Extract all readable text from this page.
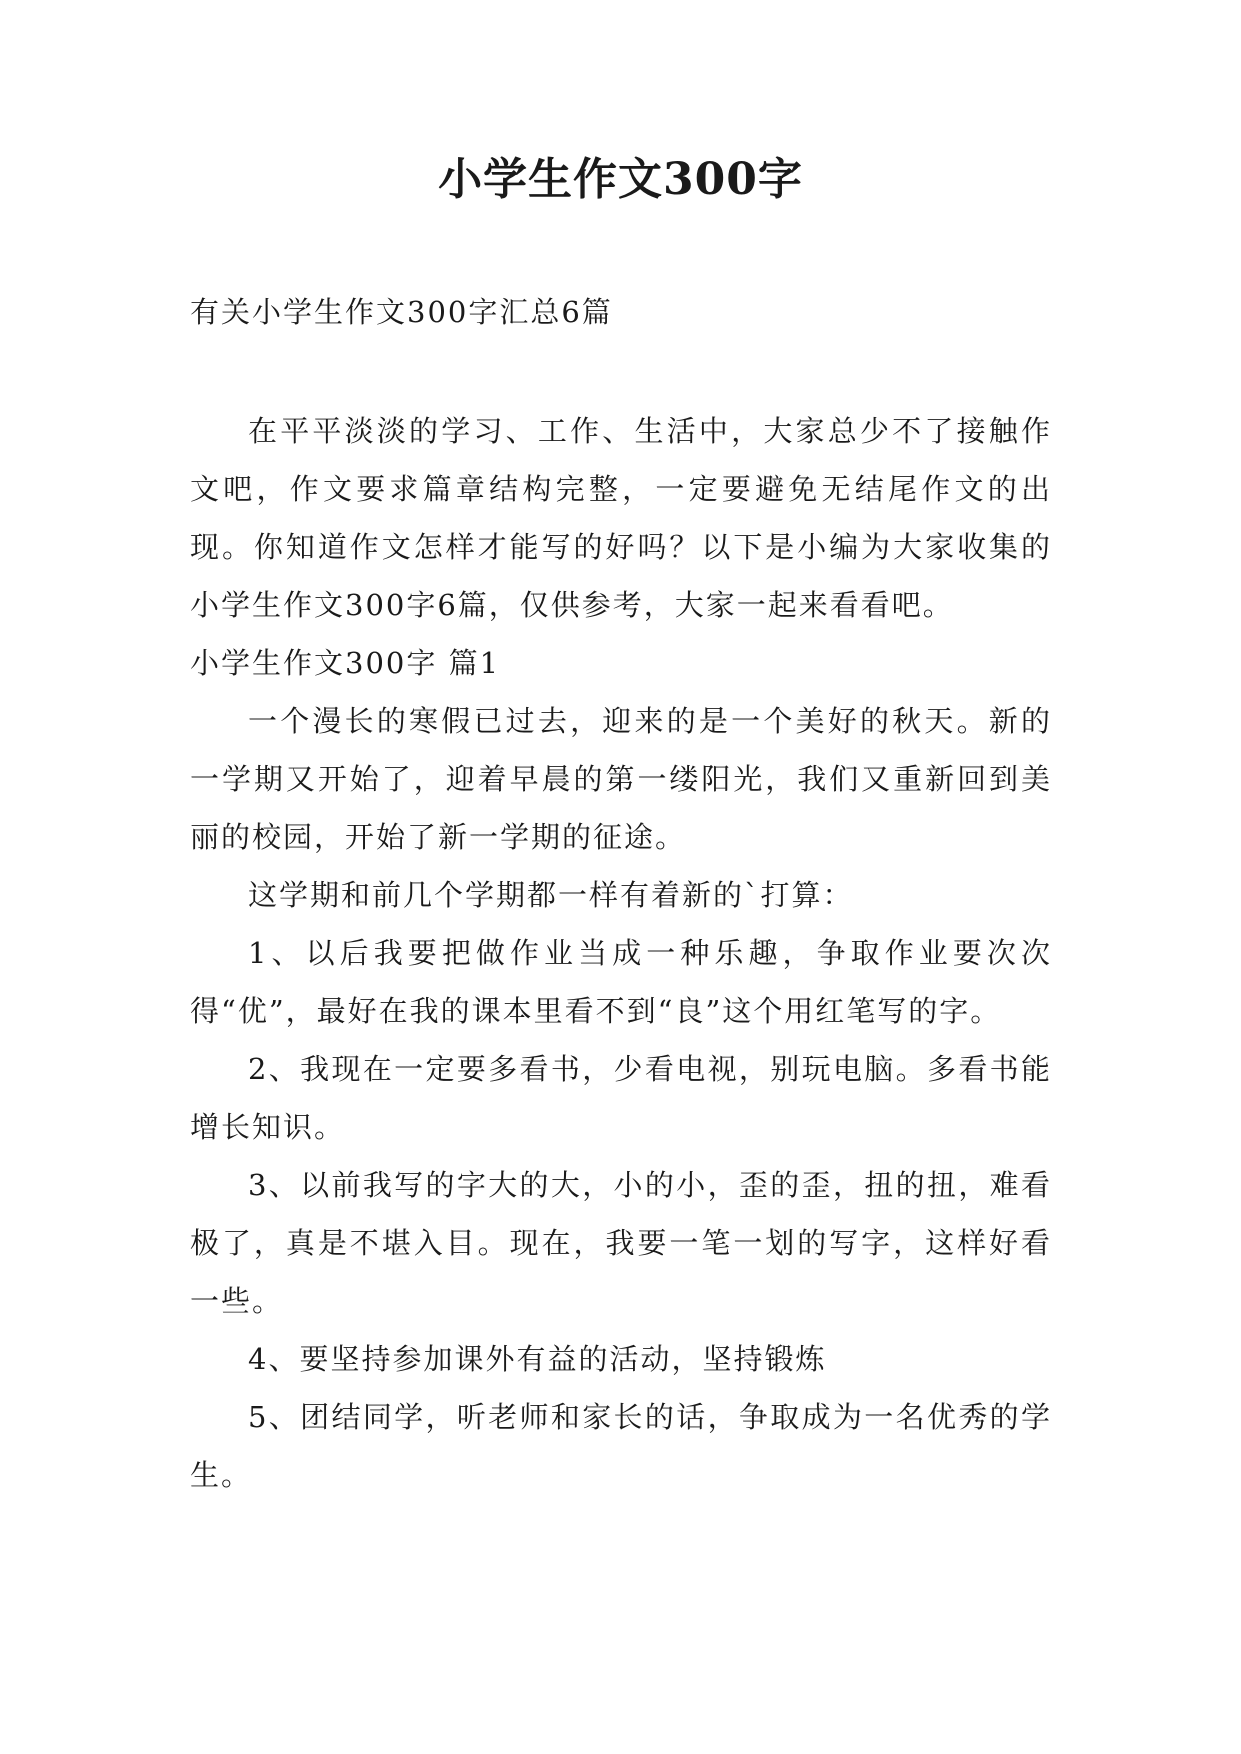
小学生作文300字
有关小学生作文300字汇总6篇

在平平淡淡的学习、工作、生活中，大家总少不了接触作文吧，作文要求篇章结构完整，一定要避免无结尾作文的出现。你知道作文怎样才能写的好吗？以下是小编为大家收集的小学生作文300字6篇，仅供参考，大家一起来看看吧。

小学生作文300字 篇1

一个漫长的寒假已过去，迎来的是一个美好的秋天。新的一学期又开始了，迎着早晨的第一缕阳光，我们又重新回到美丽的校园，开始了新一学期的征途。

这学期和前几个学期都一样有着新的`打算：

1、以后我要把做作业当成一种乐趣，争取作业要次次得“优”，最好在我的课本里看不到“良”这个用红笔写的字。

2、我现在一定要多看书，少看电视，别玩电脑。多看书能增长知识。

3、以前我写的字大的大，小的小，歪的歪，扭的扭，难看极了，真是不堪入目。现在，我要一笔一划的写字，这样好看一些。

4、要坚持参加课外有益的活动，坚持锻炼

5、团结同学，听老师和家长的话，争取成为一名优秀的学生。
